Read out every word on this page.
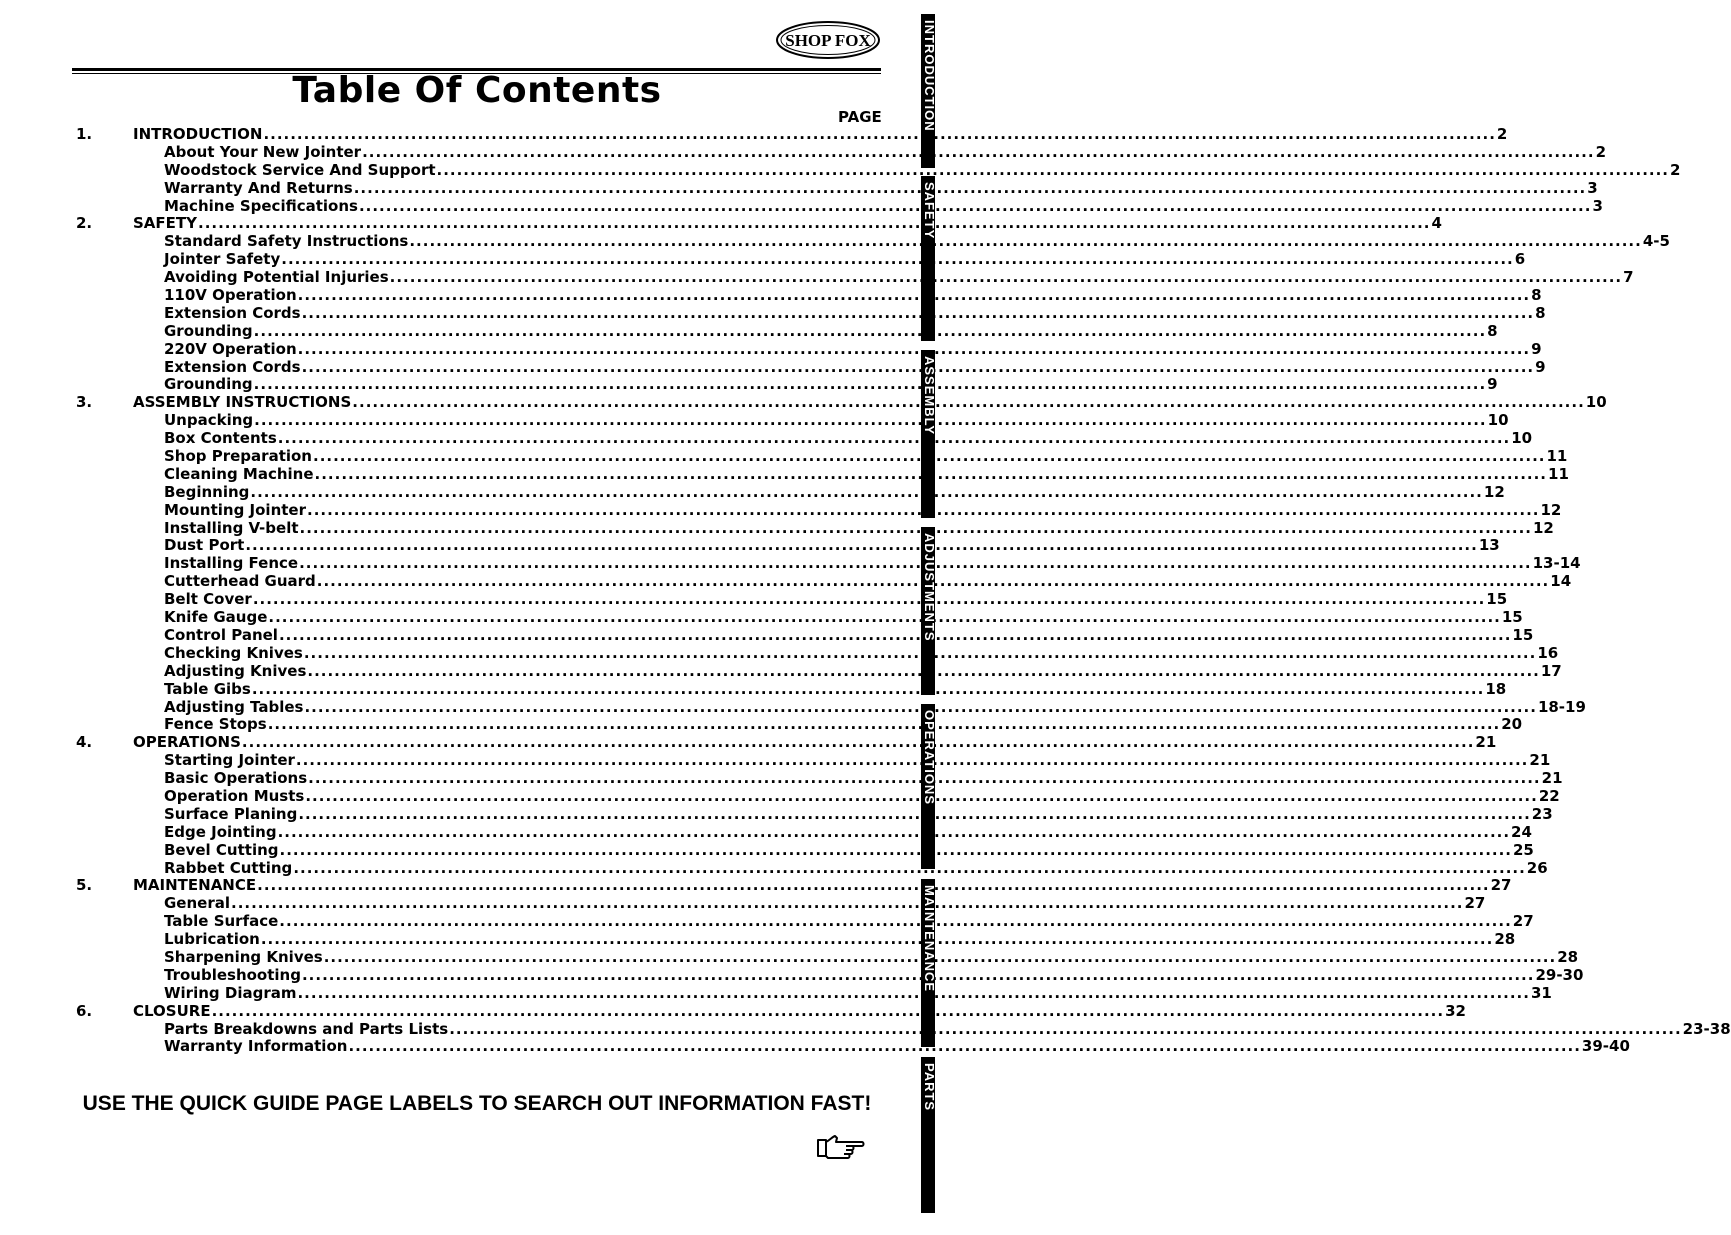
SHOP FOX
Table Of Contents
PAGE
1.	INTRODUCTION .....	2
About Your New Jointer .....	2
Woodstock Service And Support .....	2
Warranty And Returns .....	3
Machine Specifications .....	3
2.	SAFETY .....	4
Standard Safety Instructions .....	4-5
Jointer Safety .....	6
Avoiding Potential Injuries .....	7
110V Operation .....	8
Extension Cords .....	8
Grounding .....	8
220V Operation .....	9
Extension Cords .....	9
Grounding .....	9
3.	ASSEMBLY INSTRUCTIONS .....	10
Unpacking .....	10
Box Contents .....	10
Shop Preparation .....	11
Cleaning Machine .....	11
Beginning .....	12
Mounting Jointer .....	12
Installing V-belt .....	12
Dust Port .....	13
Installing Fence .....	13-14
Cutterhead Guard .....	14
Belt Cover .....	15
Knife Gauge .....	15
Control Panel .....	15
Checking Knives .....	16
Adjusting Knives .....	17
Table Gibs .....	18
Adjusting Tables .....	18-19
Fence Stops .....	20
4.	OPERATIONS .....	21
Starting Jointer .....	21
Basic Operations .....	21
Operation Musts .....	22
Surface Planing .....	23
Edge Jointing .....	24
Bevel Cutting .....	25
Rabbet Cutting .....	26
5.	MAINTENANCE .....	27
General .....	27
Table Surface .....	27
Lubrication .....	28
Sharpening Knives .....	28
Troubleshooting .....	29-30
Wiring Diagram .....	31
6.	CLOSURE .....	32
Parts Breakdowns and Parts Lists .....	23-38
Warranty Information .....	39-40
USE THE QUICK GUIDE PAGE LABELS TO SEARCH OUT INFORMATION FAST!
INTRODUCTION
SAFETY
ASSEMBLY
ADJUSTMENTS
OPERATIONS
MAINTENANCE
PARTS
